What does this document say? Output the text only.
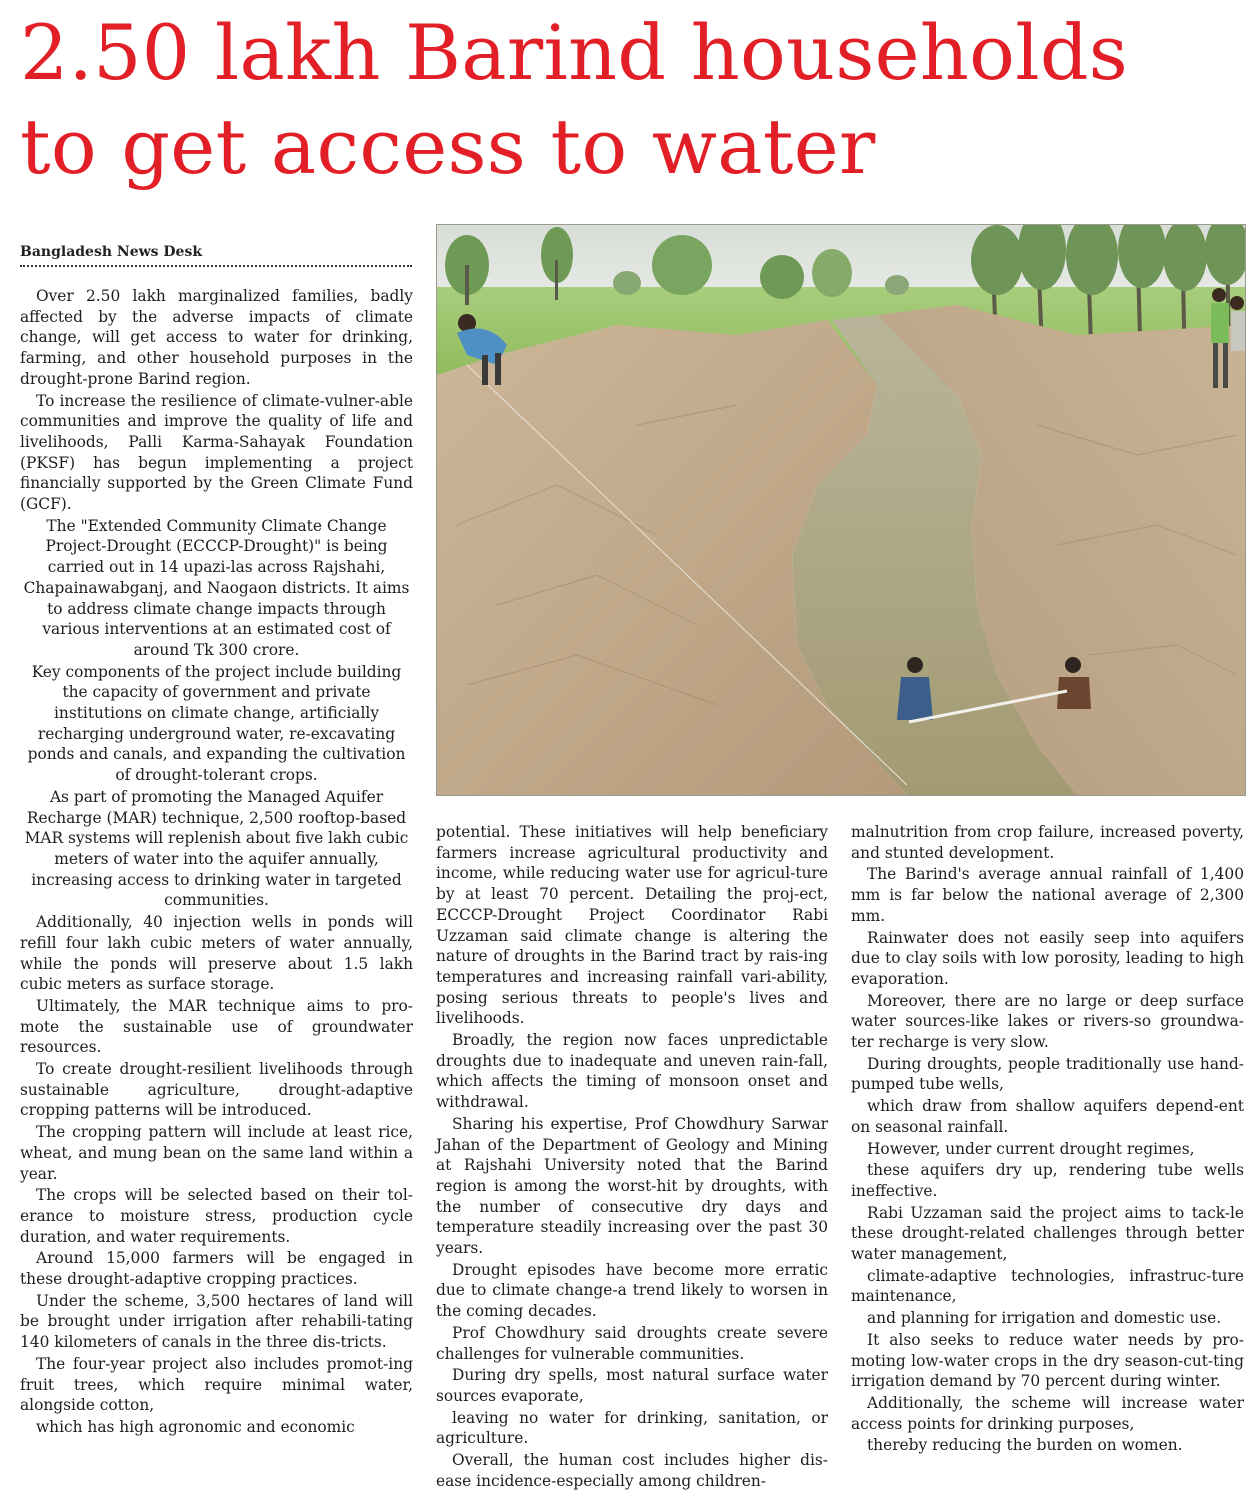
2.50 lakh Barind households
to get access to water
Bangladesh News Desk

Over 2.50 lakh marginalized families, badly affected by the adverse impacts of climate change, will get access to water for drinking, farming, and other household purposes in the drought-prone Barind region.

To increase the resilience of climate-vulner-able communities and improve the quality of life and livelihoods, Palli Karma-Sahayak Foundation (PKSF) has begun implementing a project financially supported by the Green Climate Fund (GCF).

The "Extended Community Climate Change Project-Drought (ECCCP-Drought)" is being carried out in 14 upazi-las across Rajshahi, Chapainawabganj, and Naogaon districts. It aims to address climate change impacts through various interventions at an estimated cost of around Tk 300 crore.

Key components of the project include building the capacity of government and private institutions on climate change, artificially recharging underground water, re-excavating ponds and canals, and expanding the cultivation of drought-tolerant crops.

As part of promoting the Managed Aquifer Recharge (MAR) technique, 2,500 rooftop-based MAR systems will replenish about five lakh cubic meters of water into the aquifer annually, increasing access to drinking water in targeted communities.

Additionally, 40 injection wells in ponds will refill four lakh cubic meters of water annually, while the ponds will preserve about 1.5 lakh cubic meters as surface storage.

Ultimately, the MAR technique aims to pro-mote the sustainable use of groundwater resources.

To create drought-resilient livelihoods through sustainable agriculture, drought-adaptive cropping patterns will be introduced.

The cropping pattern will include at least rice, wheat, and mung bean on the same land within a year.

The crops will be selected based on their tol-erance to moisture stress, production cycle duration, and water requirements.

Around 15,000 farmers will be engaged in these drought-adaptive cropping practices.

Under the scheme, 3,500 hectares of land will be brought under irrigation after rehabili-tating 140 kilometers of canals in the three dis-tricts.

The four-year project also includes promot-ing fruit trees, which require minimal water, alongside cotton,

which has high agronomic and economic

potential. These initiatives will help beneficiary farmers increase agricultural productivity and income, while reducing water use for agricul-ture by at least 70 percent. Detailing the proj-ect, ECCCP-Drought Project Coordinator Rabi Uzzaman said climate change is altering the nature of droughts in the Barind tract by rais-ing temperatures and increasing rainfall vari-ability, posing serious threats to people's lives and livelihoods.

Broadly, the region now faces unpredictable droughts due to inadequate and uneven rain-fall, which affects the timing of monsoon onset and withdrawal.

Sharing his expertise, Prof Chowdhury Sarwar Jahan of the Department of Geology and Mining at Rajshahi University noted that the Barind region is among the worst-hit by droughts, with the number of consecutive dry days and temperature steadily increasing over the past 30 years.

Drought episodes have become more erratic due to climate change-a trend likely to worsen in the coming decades.

Prof Chowdhury said droughts create severe challenges for vulnerable communities.

During dry spells, most natural surface water sources evaporate,

leaving no water for drinking, sanitation, or agriculture.

Overall, the human cost includes higher dis-ease incidence-especially among children-

malnutrition from crop failure, increased poverty, and stunted development.

The Barind's average annual rainfall of 1,400 mm is far below the national average of 2,300 mm.

Rainwater does not easily seep into aquifers due to clay soils with low porosity, leading to high evaporation.

Moreover, there are no large or deep surface water sources-like lakes or rivers-so groundwa-ter recharge is very slow.

During droughts, people traditionally use hand-pumped tube wells,

which draw from shallow aquifers depend-ent on seasonal rainfall.

However, under current drought regimes,

these aquifers dry up, rendering tube wells ineffective.

Rabi Uzzaman said the project aims to tack-le these drought-related challenges through better water management,

climate-adaptive technologies, infrastruc-ture maintenance,

and planning for irrigation and domestic use.

It also seeks to reduce water needs by pro-moting low-water crops in the dry season-cut-ting irrigation demand by 70 percent during winter.

Additionally, the scheme will increase water access points for drinking purposes,

thereby reducing the burden on women.
